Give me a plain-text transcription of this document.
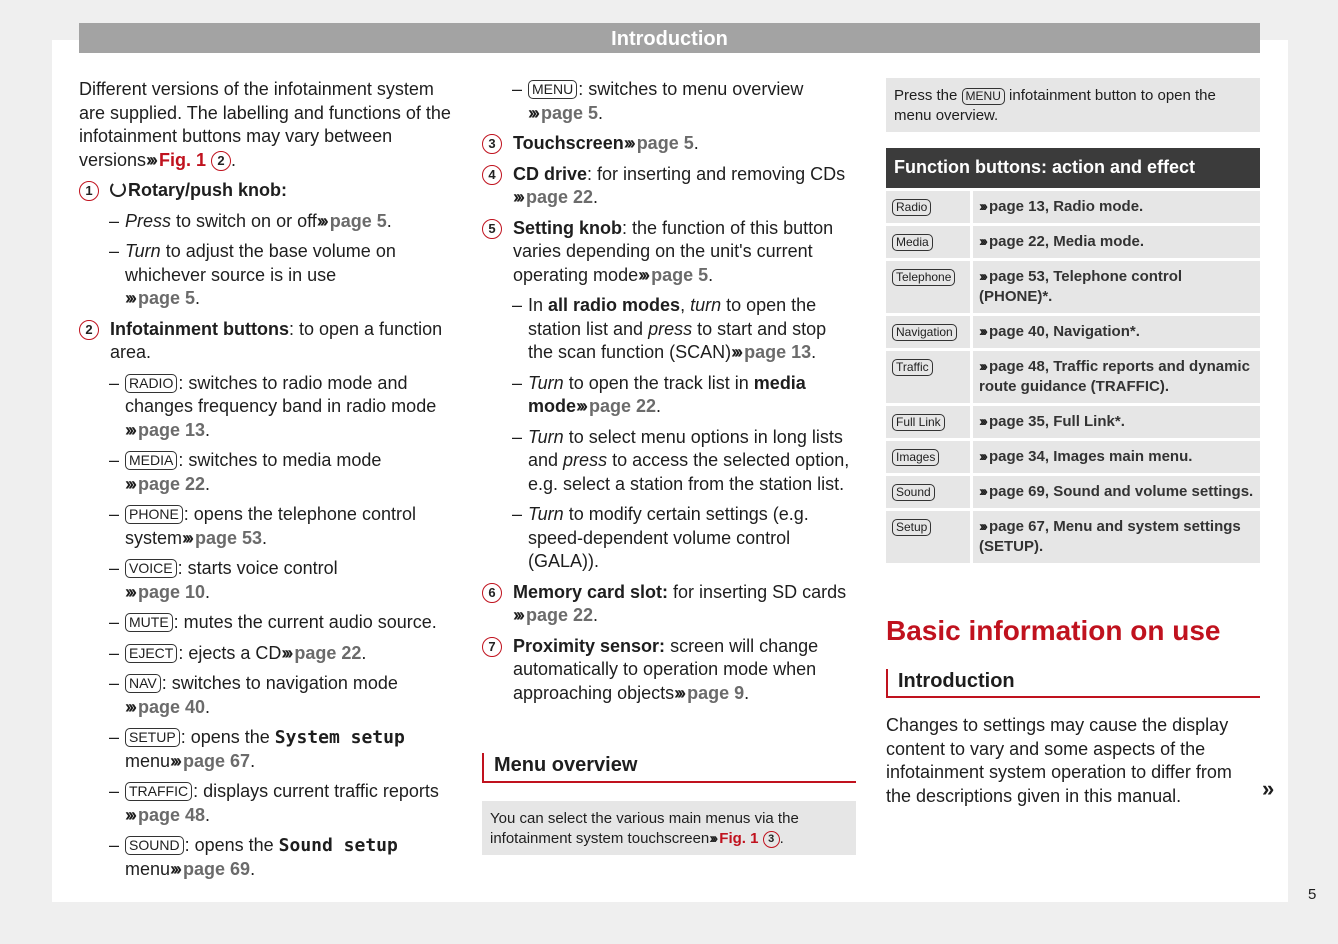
Introduction

Different versions of the infotainment system are supplied. The labelling and functions of the infotainment buttons may vary between versions››› Fig. 1 2 .

1	Rotary/push knob:
– Press to switch on or off››› page 5.
– Turn to adjust the base volume on whichever source is in use
››› page 5.
2 Infotainment buttons: to open a function area.
– RADIO : switches to radio mode and changes frequency band in radio mode
››› page 13.
– MEDIA : switches to media mode
››› page 22.
– PHONE : opens the telephone control system››› page 53.
– VOICE : starts voice control
››› page 10.
– MUTE : mutes the current audio source.
– EJECT : ejects a CD››› page 22.
– NAV : switches to navigation mode
››› page 40.
– SETUP : opens the System setup menu››› page 67.
– TRAFFIC : displays current traffic reports
››› page 48.
– SOUND : opens the Sound setup menu››› page 69.
– MENU : switches to menu overview
››› page 5.
3 Touchscreen››› page 5.
4 CD drive: for inserting and removing CDs
››› page 22.
5 Setting knob: the function of this button varies depending on the unit's current operating mode››› page 5.
– In all radio modes, turn to open the station list and press to start and stop the scan function (SCAN)››› page 13.
– Turn to open the track list in media mode››› page 22.
– Turn to select menu options in long lists and press to access the selected option, e.g. select a station from the station list.
– Turn to modify certain settings (e.g. speed-dependent volume control (GALA)).
6 Memory card slot: for inserting SD cards
››› page 22.
7 Proximity sensor: screen will change automatically to operation mode when approaching objects››› page 9.
Menu overview
You can select the various main menus via the infotainment system touchscreen››› Fig. 1 3 .
Press the MENU infotainment button to open the menu overview.
Function buttons: action and effect	
Radio	››› page 13, Radio mode.
Media	››› page 22, Media mode.
Telephone	››› page 53, Telephone control (PHONE)*.
Navigation	››› page 40, Navigation*.
Traffic	››› page 48, Traffic reports and dynamic route guidance (TRAFFIC).
Full Link	››› page 35, Full Link*.
Images	››› page 34, Images main menu.
Sound	››› page 69, Sound and volume settings.
Setup	››› page 67, Menu and system settings (SETUP).
Basic information on use
Introduction

Changes to settings may cause the display content to vary and some aspects of the infotainment system operation to differ from the descriptions given in this manual.	»
5
